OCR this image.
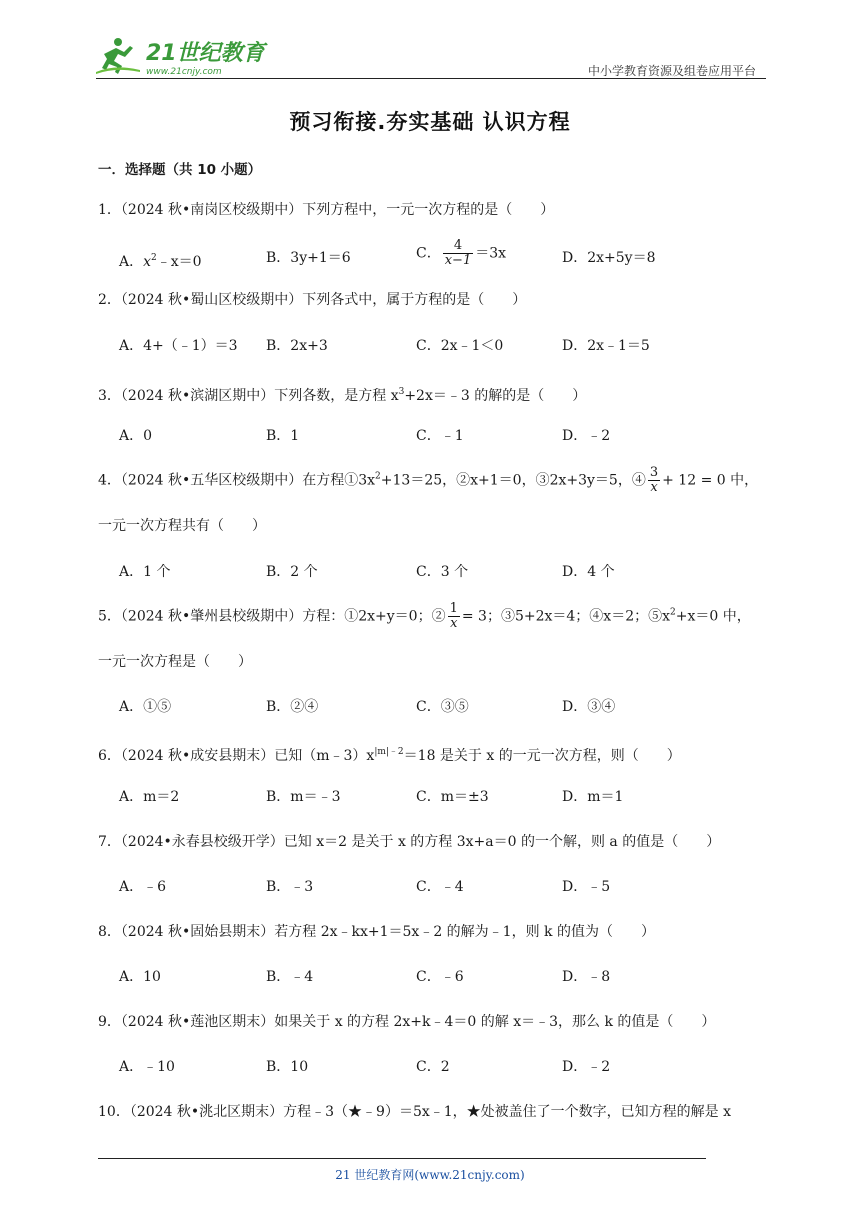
21世纪教育
www.21cnjy.com	中小学教育资源及组卷应用平台
预习衔接.夯实基础 认识方程
一．选择题（共 10 小题）
1．（2024 秋•南岗区校级期中）下列方程中，一元一次方程的是（　　）
A．$x^2﹣x=0$	B．3y+1＝6	C． $\frac{4}{x-1} =3x$	D．2x+5y＝8
2．（2024 秋•蜀山区校级期中）下列各式中，属于方程的是（　　）
A．4+（﹣1）＝3 B．2x+3	C．2x﹣1＜0	D．2x﹣1＝5
3．（2024 秋•滨湖区期中）下列各数，是方程 $x^3+2x=﹣3$ 的解的是（　　）
A．0	B．1	C．﹣1	D．﹣2
4．（2024 秋•五华区校级期中）在方程$①3x^2+13=25$，②x+1＝0，③2x+3y＝5，④ $\frac{3}{x} + 12 = 0$ 中，
一元一次方程共有（　　）
A．1 个	B．2 个	C．3 个	D．4 个
5．（2024 秋•肇州县校级期中）方程：①2x+y＝0；② $\frac{1}{x} = 3$；③5+2x＝4；④x＝2；$⑤x^2+x=0$ 中，
一元一次方程是（　　）
A．①⑤	B．②④	C．③⑤	D．③④
6．（2024 秋•成安县期末）已知$(m﹣3)x^{|m|﹣2}=18$ 是关于 x 的一元一次方程，则（　　）
A．m＝2	B．m＝﹣3	C．m＝±3	D．m＝1
7．（2024•永春县校级开学）已知 x＝2 是关于 x 的方程 3x+a＝0 的一个解，则 a 的值是（　　）
A．﹣6	B．﹣3	C．﹣4	D．﹣5
8．（2024 秋•固始县期末）若方程 2x﹣kx+1＝5x﹣2 的解为﹣1，则 k 的值为（　　）
A．10	B．﹣4	C．﹣6	D．﹣8
9．（2024 秋•莲池区期末）如果关于 x 的方程 2x+k﹣4＝0 的解 x＝﹣3，那么 k 的值是（　　）
A．﹣10	B．10	C．2	D．﹣2
10．（2024 秋•洮北区期末）方程﹣3（★﹣9）＝5x﹣1，★处被盖住了一个数字，已知方程的解是 x
21 世纪教育网(www.21cnjy.com)
